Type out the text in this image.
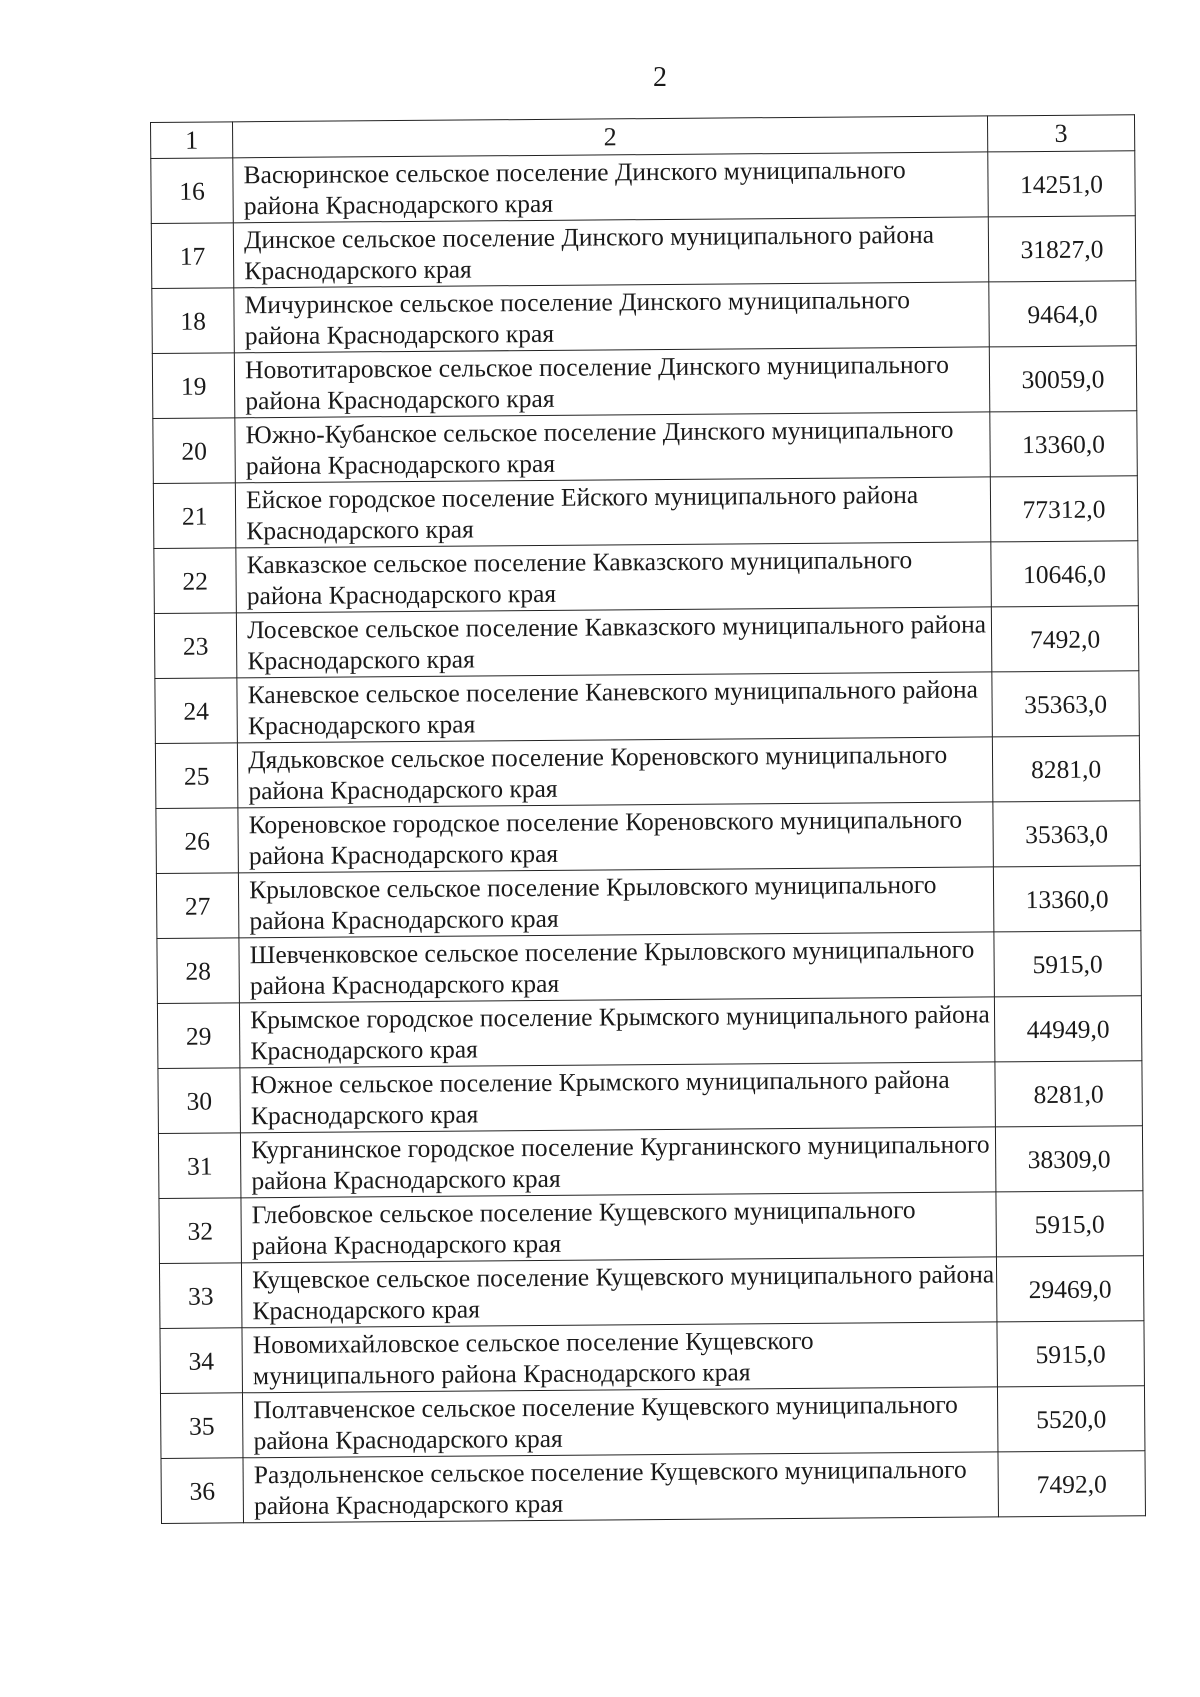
2
1	2	3
16	Васюринское сельское поселение Динского муниципального района Краснодарского края	14251,0
17	Динское сельское поселение Динского муниципального района Краснодарского края	31827,0
18	Мичуринское сельское поселение Динского муниципального района Краснодарского края	9464,0
19	Новотитаровское сельское поселение Динского муниципального района Краснодарского края	30059,0
20	Южно-Кубанское сельское поселение Динского муниципального района Краснодарского края	13360,0
21	Ейское городское поселение Ейского муниципального района Краснодарского края	77312,0
22	Кавказское сельское поселение Кавказского муниципального района Краснодарского края	10646,0
23	Лосевское сельское поселение Кавказского муниципального района Краснодарского края	7492,0
24	Каневское сельское поселение Каневского муниципального района Краснодарского края	35363,0
25	Дядьковское сельское поселение Кореновского муниципального района Краснодарского края	8281,0
26	Кореновское городское поселение Кореновского муниципального района Краснодарского края	35363,0
27	Крыловское сельское поселение Крыловского муниципального района Краснодарского края	13360,0
28	Шевченковское сельское поселение Крыловского муниципального района Краснодарского края	5915,0
29	Крымское городское поселение Крымского муниципального района Краснодарского края	44949,0
30	Южное сельское поселение Крымского муниципального района Краснодарского края	8281,0
31	Курганинское городское поселение Курганинского муниципального района Краснодарского края	38309,0
32	Глебовское сельское поселение Кущевского муниципального района Краснодарского края	5915,0
33	Кущевское сельское поселение Кущевского муниципального района Краснодарского края	29469,0
34	Новомихайловское сельское поселение Кущевского муниципального района Краснодарского края	5915,0
35	Полтавченское сельское поселение Кущевского муниципального района Краснодарского края	5520,0
36	Раздольненское сельское поселение Кущевского муниципального района Краснодарского края	7492,0
